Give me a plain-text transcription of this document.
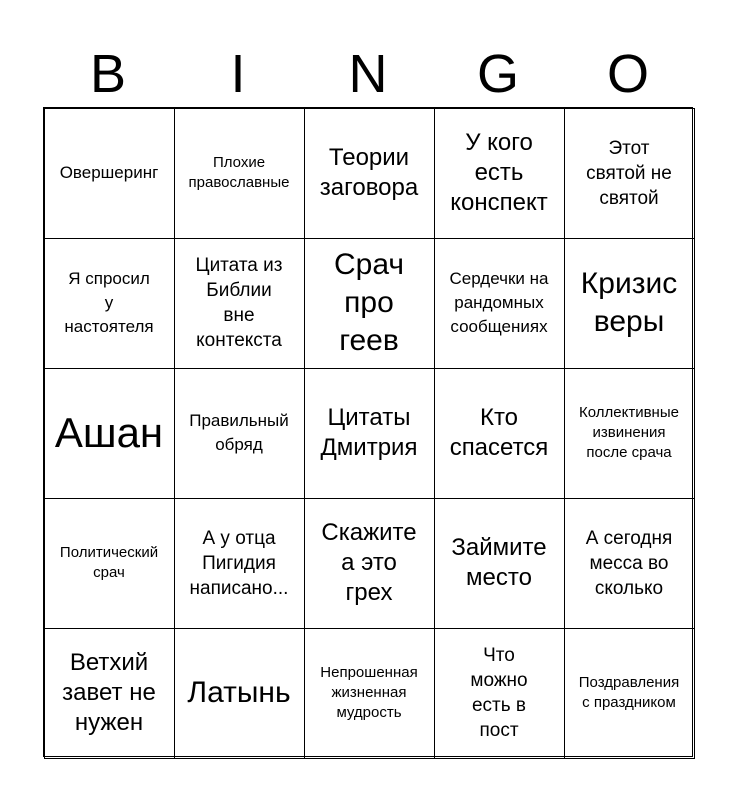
B	I	N	G	O
Овершеринг
Плохие
православные
Теории
заговора
У кого
есть
конспект
Этот
святой не
святой
Я спросил
у
настоятеля
Цитата из
Библии
вне
контекста
Срач
про
геев
Сердечки на
рандомных
сообщениях
Кризис
веры
Ашан Правильный
обряд
Цитаты
Дмитрия
Кто
спасется
Коллективные
извинения
после срача
Политический
срач
А у отца
Пигидия
написано...
Скажите
а это
грех
Займите
место
А сегодня
месса во
сколько
Ветхий
завет не
нужен
Латынь
Непрошенная
жизненная
мудрость
Что
можно
есть в
пост
Поздравления
с праздником
